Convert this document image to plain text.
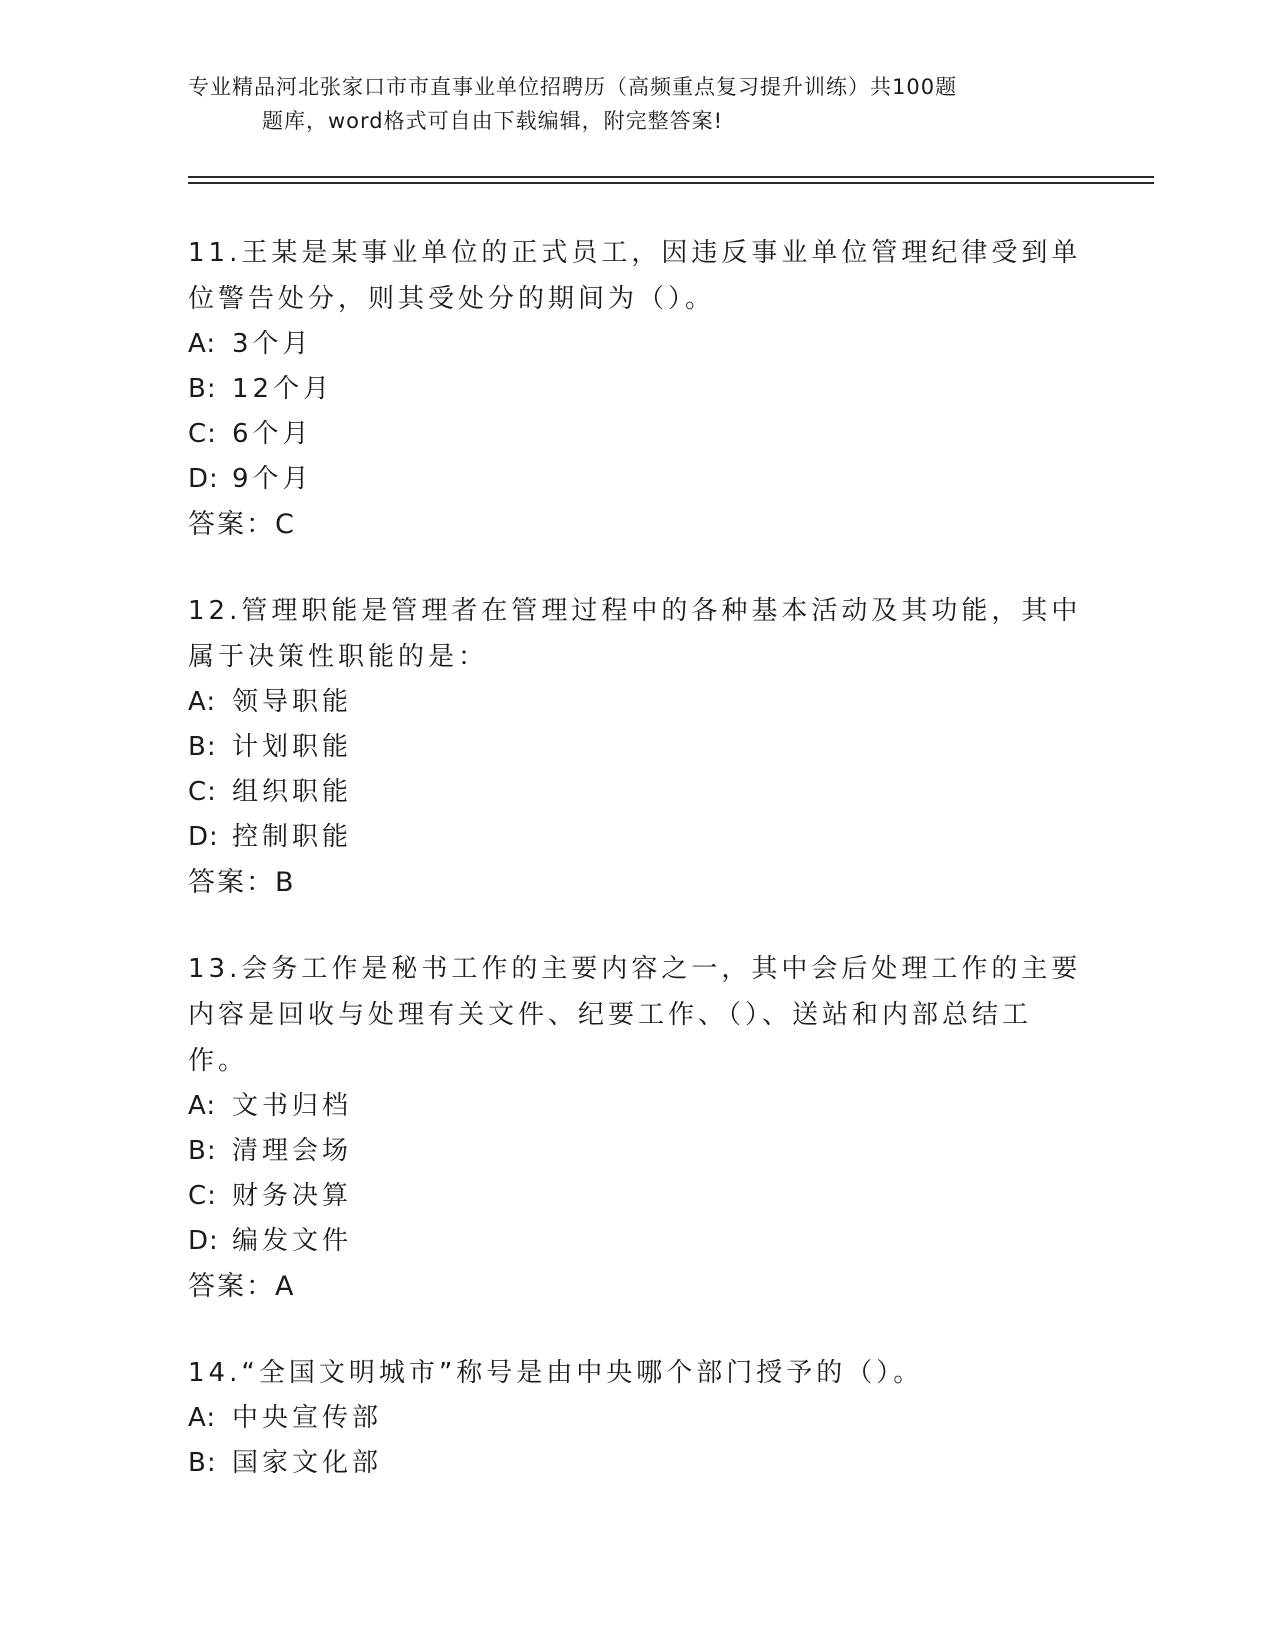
专业精品河北张家口市市直事业单位招聘历（高频重点复习提升训练）共100题
题库，word格式可自由下载编辑，附完整答案!

11.王某是某事业单位的正式员工，因违反事业单位管理纪律受到单位警告处分，则其受处分的期间为（）。

A: 3个月
B: 12个月
C: 6个月
D: 9个月
答案：C

12.管理职能是管理者在管理过程中的各种基本活动及其功能，其中属于决策性职能的是：

A: 领导职能
B: 计划职能
C: 组织职能
D: 控制职能
答案：B

13.会务工作是秘书工作的主要内容之一，其中会后处理工作的主要内容是回收与处理有关文件、纪要工作、（）、送站和内部总结工作。

A: 文书归档
B: 清理会场
C: 财务决算
D: 编发文件
答案：A

14.“全国文明城市”称号是由中央哪个部门授予的（）。

A: 中央宣传部
B: 国家文化部
